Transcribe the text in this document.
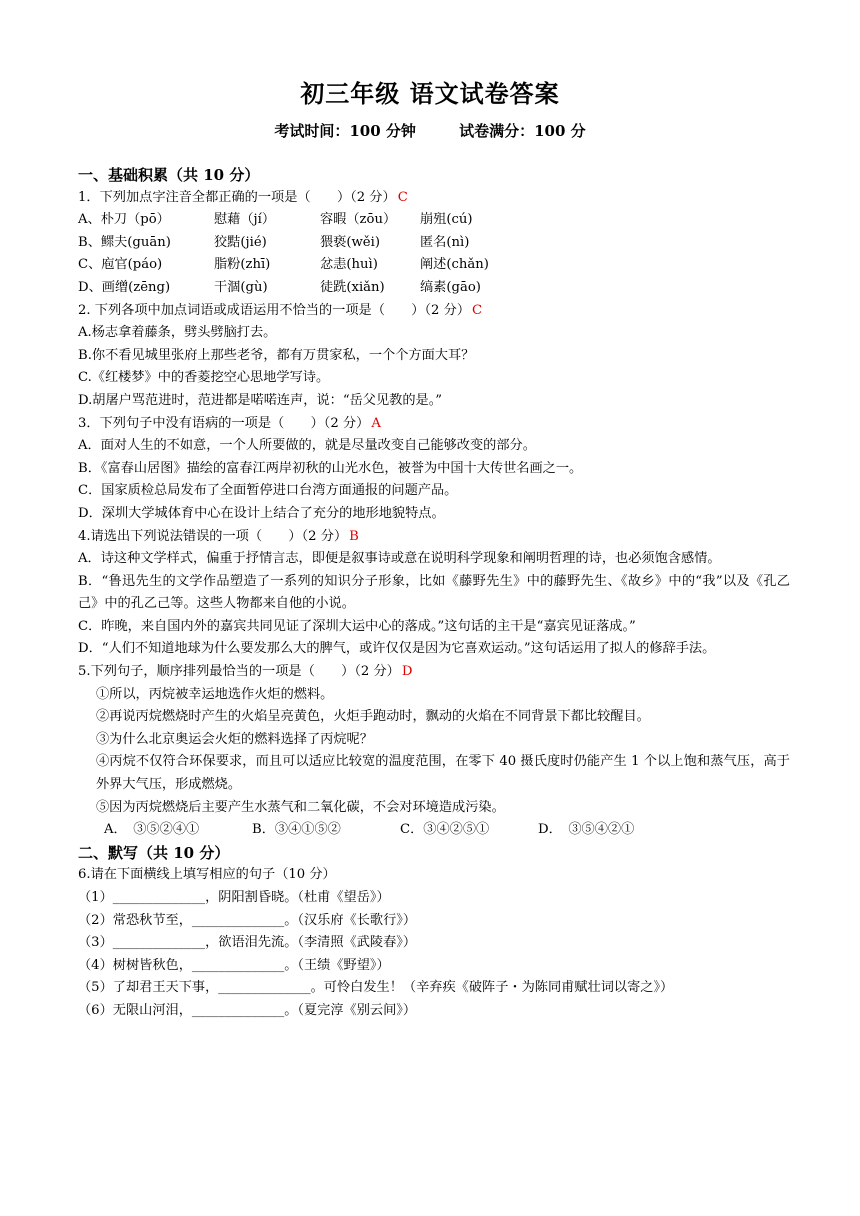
初三年级 语文试卷答案
考试时间：100 分钟	试卷满分：100 分
一、基础积累（共 10 分）
1．下列加点字注音全都正确的一项是（　　）（2 分） C
A、朴刀（pō）	慰藉（jí）	容暇（zōu） 崩殂(cú)
B、鳏夫(guān)	狡黠(jié)	猥亵(wěi)	匿名(nì)
C、庖官(páo)	脂粉(zhī)	忿恚(huì)	阐述(chǎn)
D、画缯(zēng)	干涸(gù)	徒跣(xiǎn)	缟素(gāo)
2. 下列各项中加点词语或成语运用不恰当的一项是（　　）（2 分） C
A.杨志拿着藤条，劈头劈脑打去。
B.你不看见城里张府上那些老爷，都有万贯家私，一个个方面大耳？
C.《红楼梦》中的香菱挖空心思地学写诗。
D.胡屠户骂范进时，范进都是喏喏连声，说：“岳父见教的是。”
3．下列句子中没有语病的一项是（　　）（2 分） A
A．面对人生的不如意，一个人所要做的，就是尽量改变自己能够改变的部分。
B．《富春山居图》描绘的富春江两岸初秋的山光水色，被誉为中国十大传世名画之一。
C．国家质检总局发布了全面暂停进口台湾方面通报的问题产品。
D．深圳大学城体育中心在设计上结合了充分的地形地貌特点。
4.请选出下列说法错误的一项（　　）（2 分） B
A．诗这种文学样式，偏重于抒情言志，即便是叙事诗或意在说明科学现象和阐明哲理的诗，也必须饱含感情。
B．“鲁迅先生的文学作品塑造了一系列的知识分子形象，比如《藤野先生》中的藤野先生、《故乡》中的“我”以及《孔乙己》中的孔乙己等。这些人物都来自他的小说。
C．昨晚，来自国内外的嘉宾共同见证了深圳大运中心的落成。”这句话的主干是“嘉宾见证落成。”
D．“人们不知道地球为什么要发那么大的脾气，或许仅仅是因为它喜欢运动。”这句话运用了拟人的修辞手法。
5.下列句子，顺序排列最恰当的一项是（　　）（2 分） D
①所以，丙烷被幸运地选作火炬的燃料。
②再说丙烷燃烧时产生的火焰呈亮黄色，火炬手跑动时，飘动的火焰在不同背景下都比较醒目。
③为什么北京奥运会火炬的燃料选择了丙烷呢？
④丙烷不仅符合环保要求，而且可以适应比较宽的温度范围，在零下 40 摄氏度时仍能产生 1 个以上饱和蒸气压，高于外界大气压，形成燃烧。
⑤因为丙烷燃烧后主要产生水蒸气和二氧化碳，不会对环境造成污染。
A．　③⑤②④①	B．③④①⑤②	C．③④②⑤①	D．　③⑤④②①
二、默写（共 10 分）
6.请在下面横线上填写相应的句子（10 分）
（1）______________，阴阳割昏晓。（杜甫《望岳》）
（2）常恐秋节至，______________。（汉乐府《长歌行》）
（3）______________，欲语泪先流。（李清照《武陵春》）
（4）树树皆秋色，______________。（王绩《野望》）
（5）了却君王天下事，______________。可怜白发生！（辛弃疾《破阵子・为陈同甫赋壮词以寄之》）
（6）无限山河泪，______________。（夏完淳《别云间》）
